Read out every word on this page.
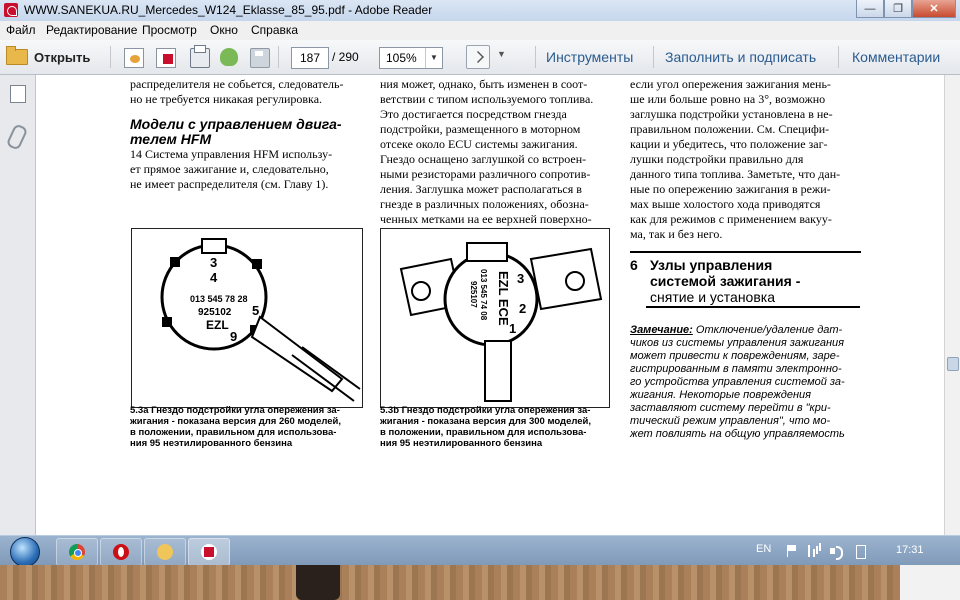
WWW.SANEKUA.RU_Mercedes_W124_Eklasse_85_95.pdf - Adobe Reader	—	❐	✕
Файл Редактирование Просмотр Окно Справка
Открыть	187 / 290 105%	▼	▼	Инструменты Заполнить и подписать	Комментарии

распределителя не собьется, следователь-
но не требуется никакая регулировка.

Модели с управлением двига-
телем HFM

14 Система управления HFM использу-
ет прямое зажигание и, следовательно,
не имеет распределителя (см. Главу 1).

ния может, однако, быть изменен в соот-
ветствии с типом используемого топлива.
Это достигается посредством гнезда
подстройки, размещенного в моторном
отсеке около ECU системы зажигания.
Гнездо оснащено заглушкой со встроен-
ными резисторами различного сопротив-
ления. Заглушка может располагаться в
гнезде в различных положениях, обозна-
ченных метками на ее верхней поверхно-

если угол опережения зажигания мень-
ше или больше ровно на 3°, возможно
заглушка подстройки установлена в не-
правильном положении. См. Специфи-
кации и убедитесь, что положение заг-
лушки подстройки правильно для
данного типа топлива. Заметьте, что дан-
ные по опережению зажигания в режи-
мах выше холостого хода приводятся
как для режимов с применением вакуу-
ма, так и без него.

3
4
5
9
013 545 78 28
925102
EZL	EZL ECE
013 545 74 08
925107
3
2
1
5.3a Гнездо подстройки угла опережения за-
жигания - показана версия для 260 моделей,
в положении, правильном для использова-
ния 95 неэтилированного бензина
5.3b Гнездо подстройки угла опережения за-
жигания - показана версия для 300 моделей,
в положении, правильном для использова-
ния 95 неэтилированного бензина
6 Узлы управления
системой зажигания -
снятие и установка
Замечание: Отключение/удаление дат-
чиков из системы управления зажигания
может привести к повреждениям, заре-
гистрированным в памяти электронно-
го устройства управления системой за-
жигания. Некоторые повреждения
заставляют систему перейти в "кри-
тический режим управления", что мо-
жет повлиять на общую управляемость
EN	17:31
